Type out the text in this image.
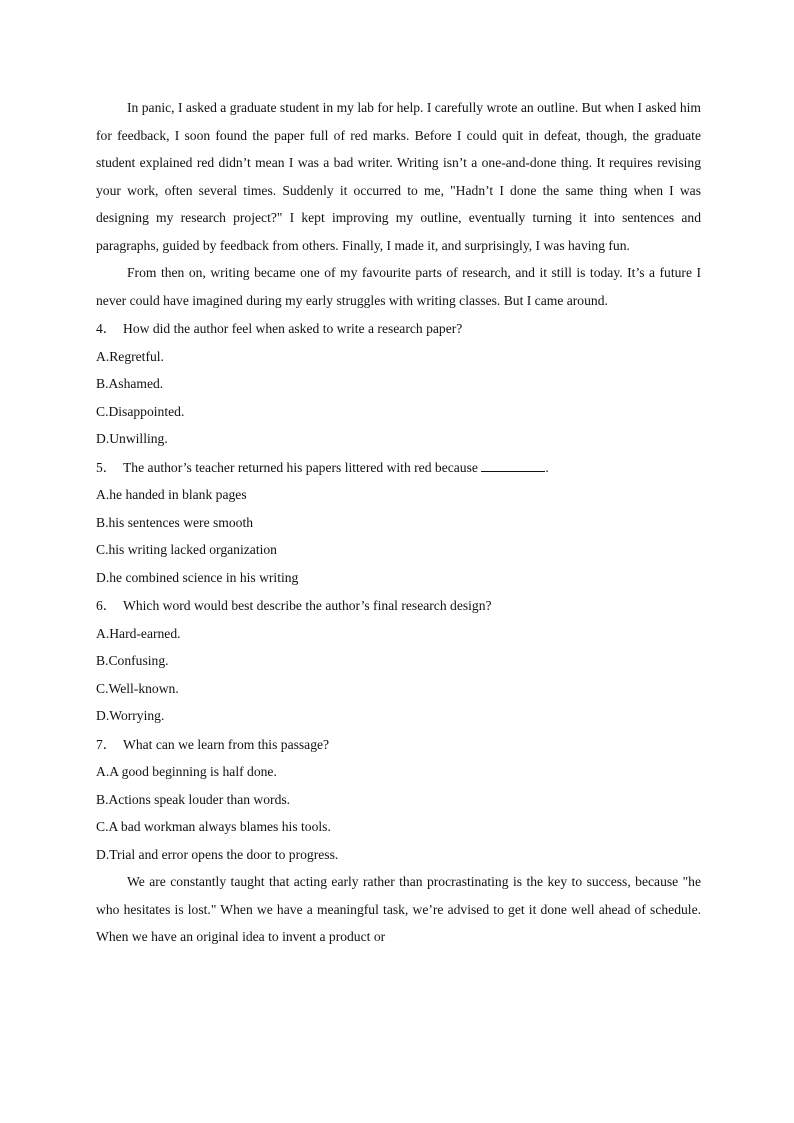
In panic, I asked a graduate student in my lab for help. I carefully wrote an outline. But when I asked him for feedback, I soon found the paper full of red marks. Before I could quit in defeat, though, the graduate student explained red didn’t mean I was a bad writer. Writing isn’t a one-and-done thing. It requires revising your work, often several times. Suddenly it occurred to me, "Hadn’t I done the same thing when I was designing my research project?" I kept improving my outline, eventually turning it into sentences and paragraphs, guided by feedback from others. Finally, I made it, and surprisingly, I was having fun.

From then on, writing became one of my favourite parts of research, and it still is today. It’s a future I never could have imagined during my early struggles with writing classes. But I came around.

4． How did the author feel when asked to write a research paper?

A.Regretful.

B.Ashamed.

C.Disappointed.

D.Unwilling.

5． The author’s teacher returned his papers littered with red because	.

A.he handed in blank pages

B.his sentences were smooth

C.his writing lacked organization

D.he combined science in his writing

6． Which word would best describe the author’s final research design?

A.Hard-earned.

B.Confusing.

C.Well-known.

D.Worrying.

7． What can we learn from this passage?

A.A good beginning is half done.

B.Actions speak louder than words.

C.A bad workman always blames his tools.

D.Trial and error opens the door to progress.

We are constantly taught that acting early rather than procrastinating is the key to success, because "he who hesitates is lost." When we have a meaningful task, we’re advised to get it done well ahead of schedule. When we have an original idea to invent a product or
